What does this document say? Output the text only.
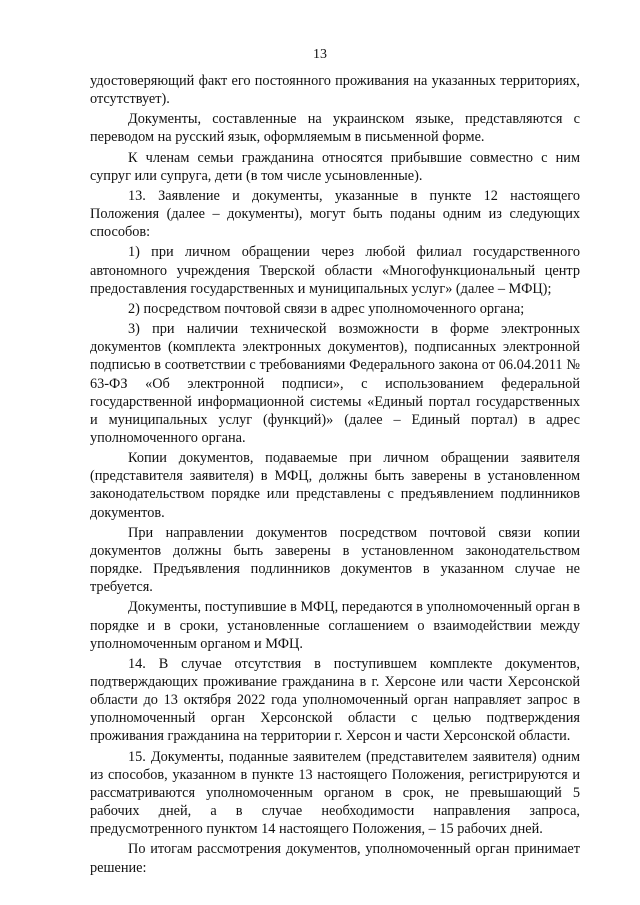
13

удостоверяющий факт его постоянного проживания на указанных территориях, отсутствует).

Документы, составленные на украинском языке, представляются с переводом на русский язык, оформляемым в письменной форме.

К членам семьи гражданина относятся прибывшие совместно с ним супруг или супруга, дети (в том числе усыновленные).

13. Заявление и документы, указанные в пункте 12 настоящего Положения (далее – документы), могут быть поданы одним из следующих способов:

1) при личном обращении через любой филиал государственного автономного учреждения Тверской области «Многофункциональный центр предоставления государственных и муниципальных услуг» (далее – МФЦ);

2) посредством почтовой связи в адрес уполномоченного органа;

3) при наличии технической возможности в форме электронных документов (комплекта электронных документов), подписанных электронной подписью в соответствии с требованиями Федерального закона от 06.04.2011 № 63-ФЗ «Об электронной подписи», с использованием федеральной государственной информационной системы «Единый портал государственных и муниципальных услуг (функций)» (далее – Единый портал) в адрес уполномоченного органа.

Копии документов, подаваемые при личном обращении заявителя (представителя заявителя) в МФЦ, должны быть заверены в установленном законодательством порядке или представлены с предъявлением подлинников документов.

При направлении документов посредством почтовой связи копии документов должны быть заверены в установленном законодательством порядке. Предъявления подлинников документов в указанном случае не требуется.

Документы, поступившие в МФЦ, передаются в уполномоченный орган в порядке и в сроки, установленные соглашением о взаимодействии между уполномоченным органом и МФЦ.

14. В случае отсутствия в поступившем комплекте документов, подтверждающих проживание гражданина в г. Херсоне или части Херсонской области до 13 октября 2022 года уполномоченный орган направляет запрос в уполномоченный орган Херсонской области с целью подтверждения проживания гражданина на территории г. Херсон и части Херсонской области.

15. Документы, поданные заявителем (представителем заявителя) одним из способов, указанном в пункте 13 настоящего Положения, регистрируются и рассматриваются уполномоченным органом в срок, не превышающий 5 рабочих дней, а в случае необходимости направления запроса, предусмотренного пунктом 14 настоящего Положения, – 15 рабочих дней.

По итогам рассмотрения документов, уполномоченный орган принимает решение:
